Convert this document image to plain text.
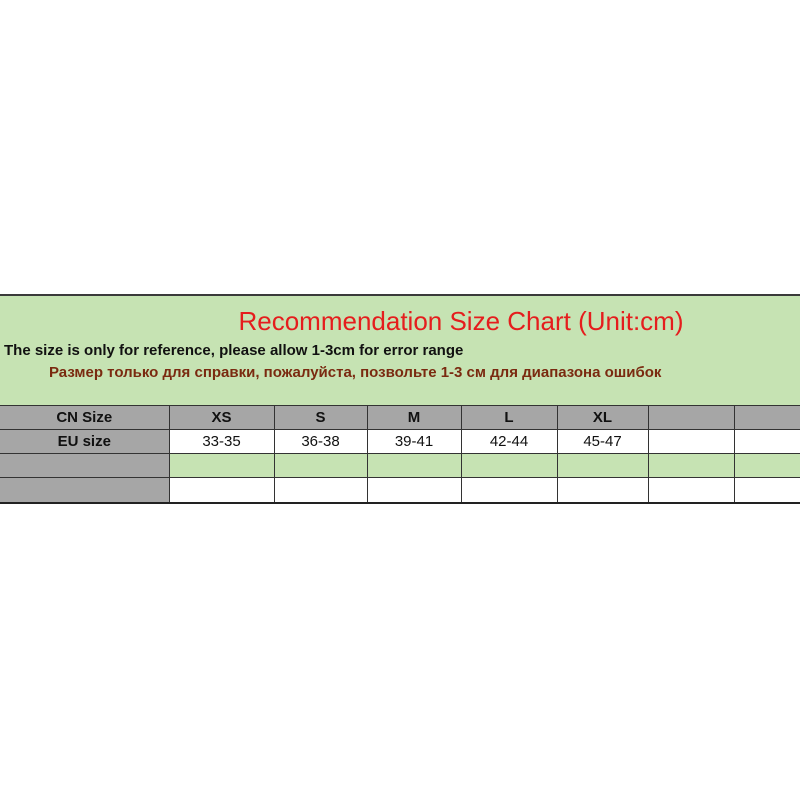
Recommendation Size Chart (Unit:cm)
The size is only for reference, please allow 1-3cm for error range
Размер только для справки, пожалуйста, позвольте 1-3 см для диапазона ошибок
CN Size	XS	S	M	L	XL		
EU size	33-35	36-38	39-41	42-44	45-47		
